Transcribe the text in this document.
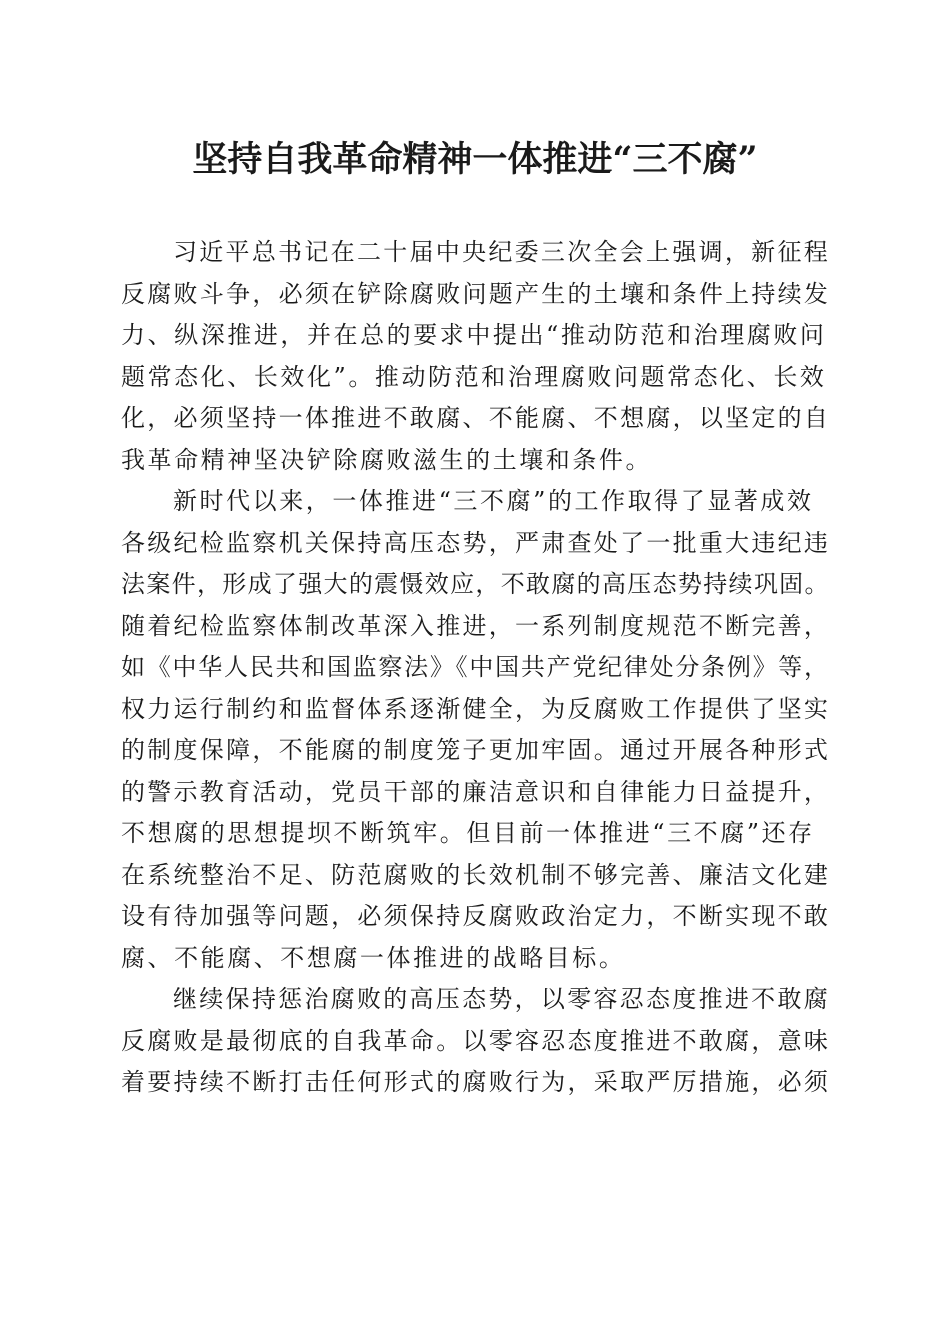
坚持自我革命精神一体推进“三不腐”
习近平总书记在二十届中央纪委三次全会上强调，新征程
反腐败斗争，必须在铲除腐败问题产生的土壤和条件上持续发
力、纵深推进，并在总的要求中提出“推动防范和治理腐败问
题常态化、长效化”。推动防范和治理腐败问题常态化、长效
化，必须坚持一体推进不敢腐、不能腐、不想腐，以坚定的自
我革命精神坚决铲除腐败滋生的土壤和条件。
新时代以来，一体推进“三不腐”的工作取得了显著成效
各级纪检监察机关保持高压态势，严肃查处了一批重大违纪违
法案件，形成了强大的震慑效应，不敢腐的高压态势持续巩固。
随着纪检监察体制改革深入推进，一系列制度规范不断完善，
如《中华人民共和国监察法》《中国共产党纪律处分条例》等，
权力运行制约和监督体系逐渐健全，为反腐败工作提供了坚实
的制度保障，不能腐的制度笼子更加牢固。通过开展各种形式
的警示教育活动，党员干部的廉洁意识和自律能力日益提升，
不想腐的思想提坝不断筑牢。但目前一体推进“三不腐”还存
在系统整治不足、防范腐败的长效机制不够完善、廉洁文化建
设有待加强等问题，必须保持反腐败政治定力，不断实现不敢
腐、不能腐、不想腐一体推进的战略目标。
继续保持惩治腐败的高压态势，以零容忍态度推进不敢腐
反腐败是最彻底的自我革命。以零容忍态度推进不敢腐，意味
着要持续不断打击任何形式的腐败行为，采取严厉措施，必须
